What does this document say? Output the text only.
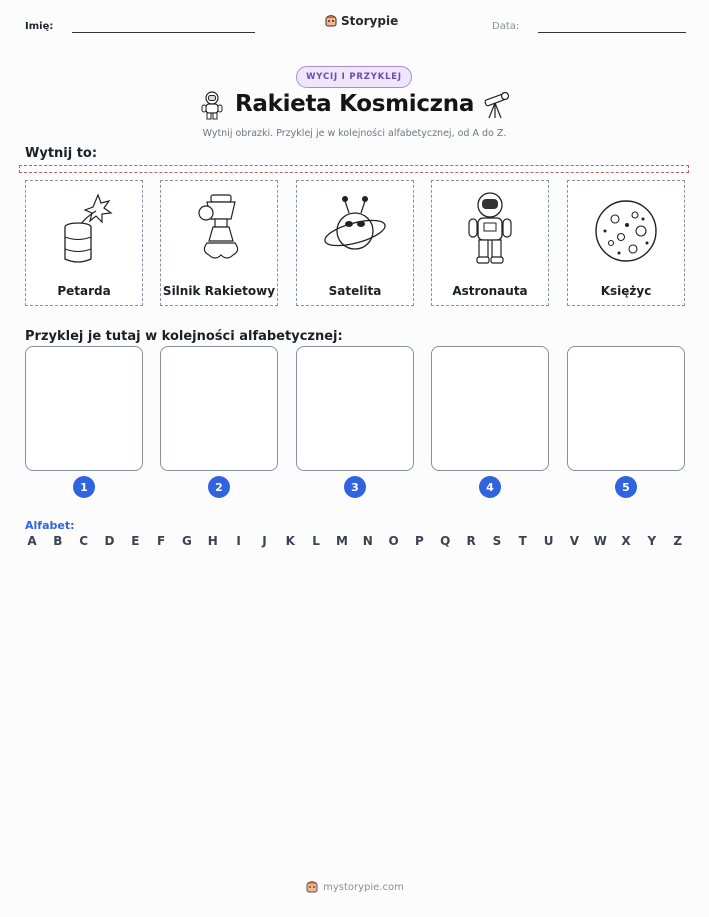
Imię:	Storypie	Data:
WYCIJ I PRZYKLEJ
Rakieta Kosmiczna
Wytnij obrazki. Przyklej je w kolejności alfabetycznej, od A do Z.
Wytnij to:
Petarda	Silnik Rakietowy	Satelita	Astronauta	Księżyc
Przyklej je tutaj w kolejności alfabetycznej:
1	2	3	4	5
Alfabet:
A B C D E F G H	I	J	K L M N O P Q R S T U V W X Y Z
mystorypie.com
